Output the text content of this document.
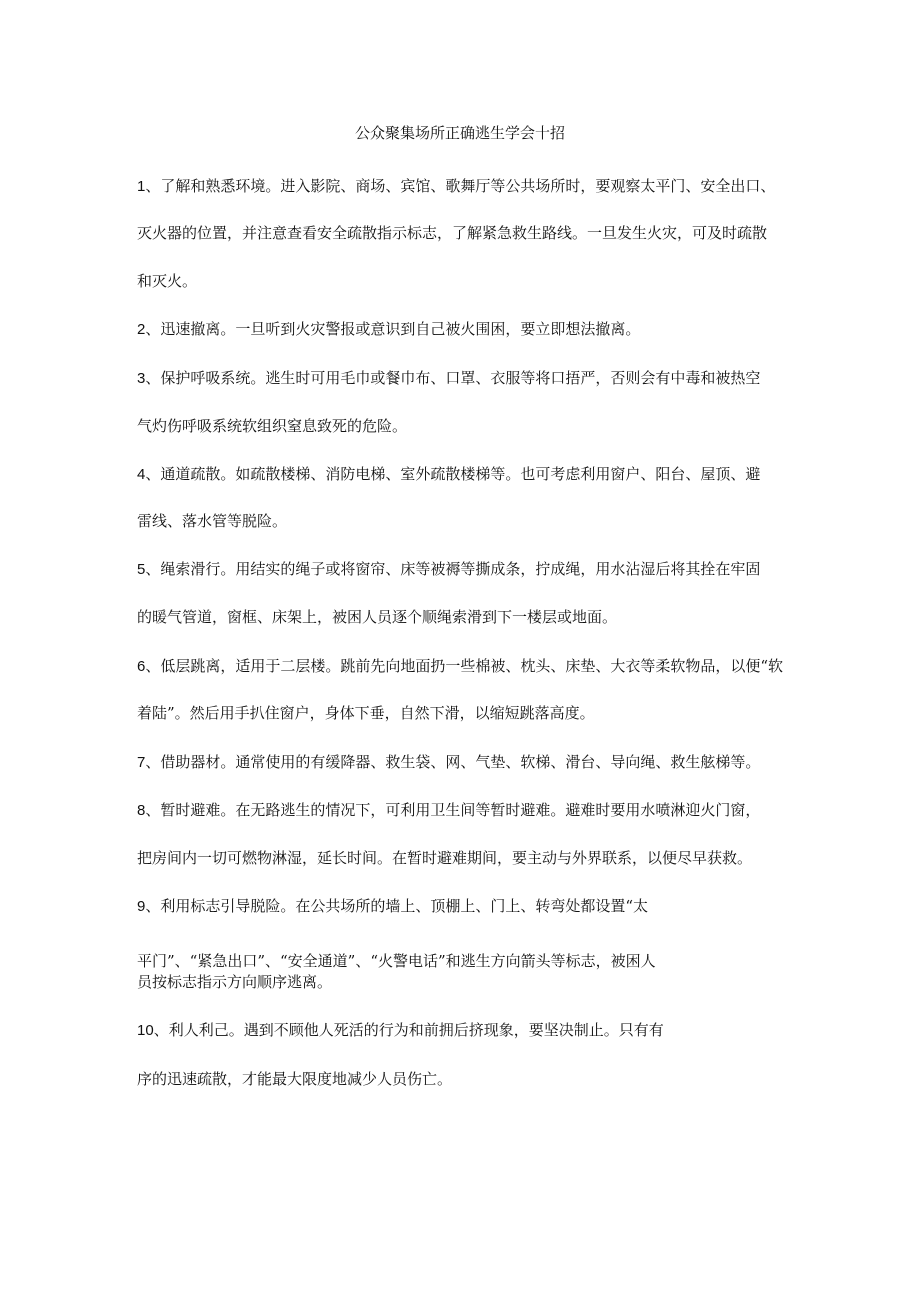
公众聚集场所正确逃生学会十招
1、了解和熟悉环境。进入影院、商场、宾馆、歌舞厅等公共场所时，要观察太平门、安全出口、
灭火器的位置，并注意查看安全疏散指示标志，了解紧急救生路线。一旦发生火灾，可及时疏散
和灭火。
2、迅速撤离。一旦听到火灾警报或意识到自己被火围困，要立即想法撤离。
3、保护呼吸系统。逃生时可用毛巾或餐巾布、口罩、衣服等将口捂严，否则会有中毒和被热空
气灼伤呼吸系统软组织窒息致死的危险。
4、通道疏散。如疏散楼梯、消防电梯、室外疏散楼梯等。也可考虑利用窗户、阳台、屋顶、避
雷线、落水管等脱险。
5、绳索滑行。用结实的绳子或将窗帘、床等被褥等撕成条，拧成绳，用水沾湿后将其拴在牢固
的暖气管道，窗框、床架上，被困人员逐个顺绳索滑到下一楼层或地面。
6、低层跳离，适用于二层楼。跳前先向地面扔一些棉被、枕头、床垫、大衣等柔软物品，以便“软
着陆”。然后用手扒住窗户，身体下垂，自然下滑，以缩短跳落高度。
7、借助器材。通常使用的有缓降器、救生袋、网、气垫、软梯、滑台、导向绳、救生舷梯等。
8、暂时避难。在无路逃生的情况下，可利用卫生间等暂时避难。避难时要用水喷淋迎火门窗，
把房间内一切可燃物淋湿，延长时间。在暂时避难期间，要主动与外界联系，以便尽早获救。
9、利用标志引导脱险。在公共场所的墙上、顶棚上、门上、转弯处都设置“太
平门”、“紧急出口”、“安全通道”、“火警电话”和逃生方向箭头等标志，被困人
员按标志指示方向顺序逃离。
10、利人利己。遇到不顾他人死活的行为和前拥后挤现象，要坚决制止。只有有
序的迅速疏散，才能最大限度地减少人员伤亡。
